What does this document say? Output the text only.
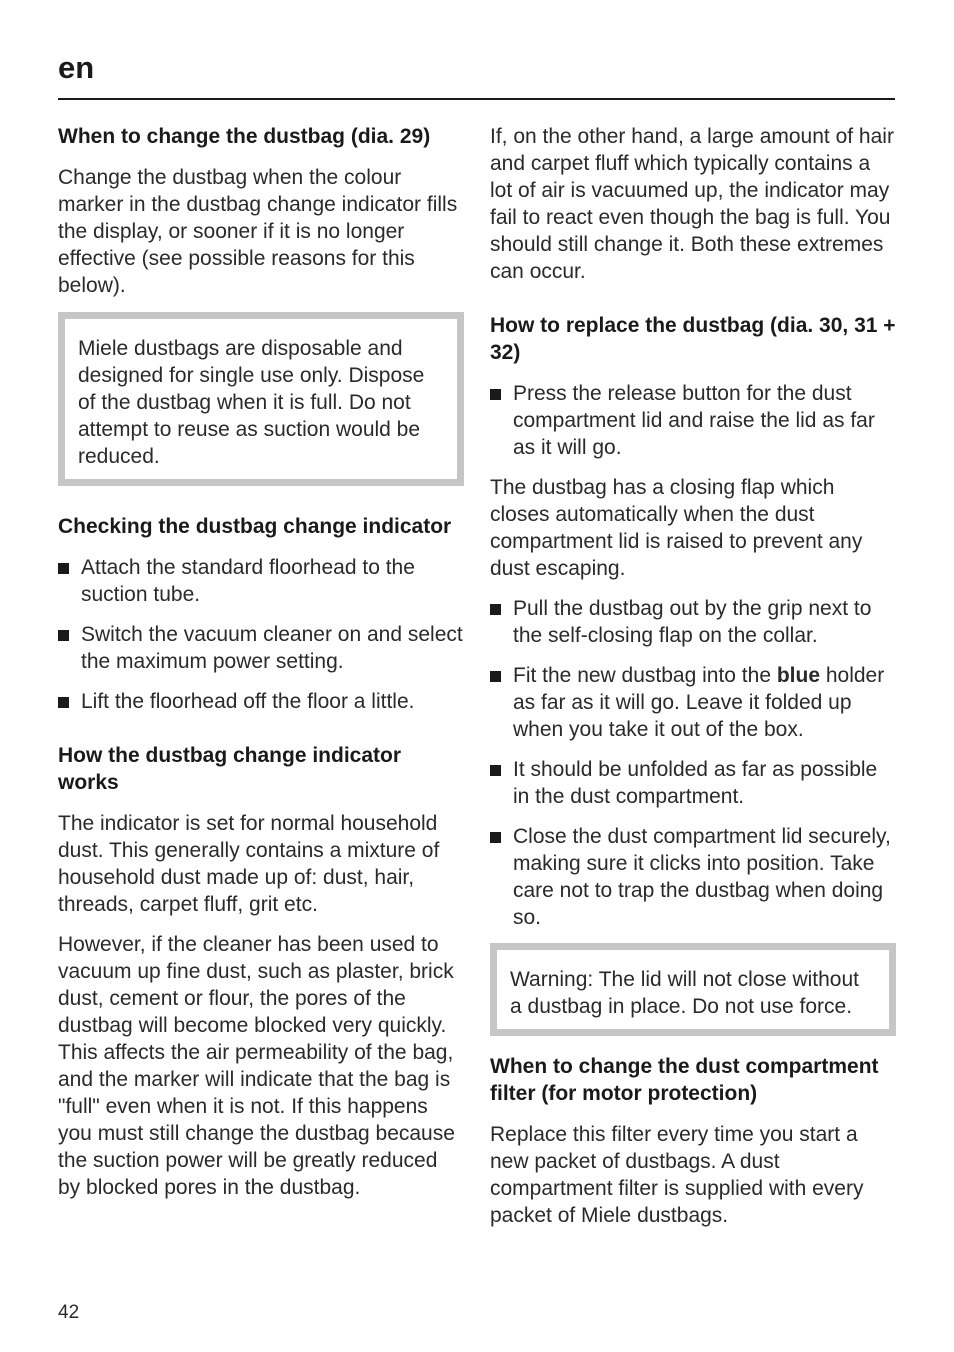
en
When to change the dustbag (dia. 29)

Change the dustbag when the colour marker in the dustbag change indicator fills the display, or sooner if it is no longer effective (see possible reasons for this below).

Miele dustbags are disposable and designed for single use only. Dispose of the dustbag when it is full. Do not attempt to reuse as suction would be reduced.
Checking the dustbag change indicator
Attach the standard floorhead to the suction tube.
Switch the vacuum cleaner on and select the maximum power setting.
Lift the floorhead off the floor a little.
How the dustbag change indicator works

The indicator is set for normal household dust. This generally contains a mixture of household dust made up of: dust, hair, threads, carpet fluff, grit etc.

However, if the cleaner has been used to vacuum up fine dust, such as plaster, brick dust, cement or flour, the pores of the dustbag will become blocked very quickly. This affects the air permeability of the bag, and the marker will indicate that the bag is "full" even when it is not. If this happens you must still change the dustbag because the suction power will be greatly reduced by blocked pores in the dustbag.

If, on the other hand, a large amount of hair and carpet fluff which typically contains a lot of air is vacuumed up, the indicator may fail to react even though the bag is full. You should still change it. Both these extremes can occur.

How to replace the dustbag (dia. 30, 31 + 32)
Press the release button for the dust compartment lid and raise the lid as far as it will go.

The dustbag has a closing flap which closes automatically when the dust compartment lid is raised to prevent any dust escaping.

Pull the dustbag out by the grip next to the self-closing flap on the collar.
Fit the new dustbag into the blue holder as far as it will go. Leave it folded up when you take it out of the box.
It should be unfolded as far as possible in the dust compartment.
Close the dust compartment lid securely, making sure it clicks into position. Take care not to trap the dustbag when doing so.
Warning: The lid will not close without a dustbag in place. Do not use force.
When to change the dust compartment filter (for motor protection)

Replace this filter every time you start a new packet of dustbags. A dust compartment filter is supplied with every packet of Miele dustbags.

42
